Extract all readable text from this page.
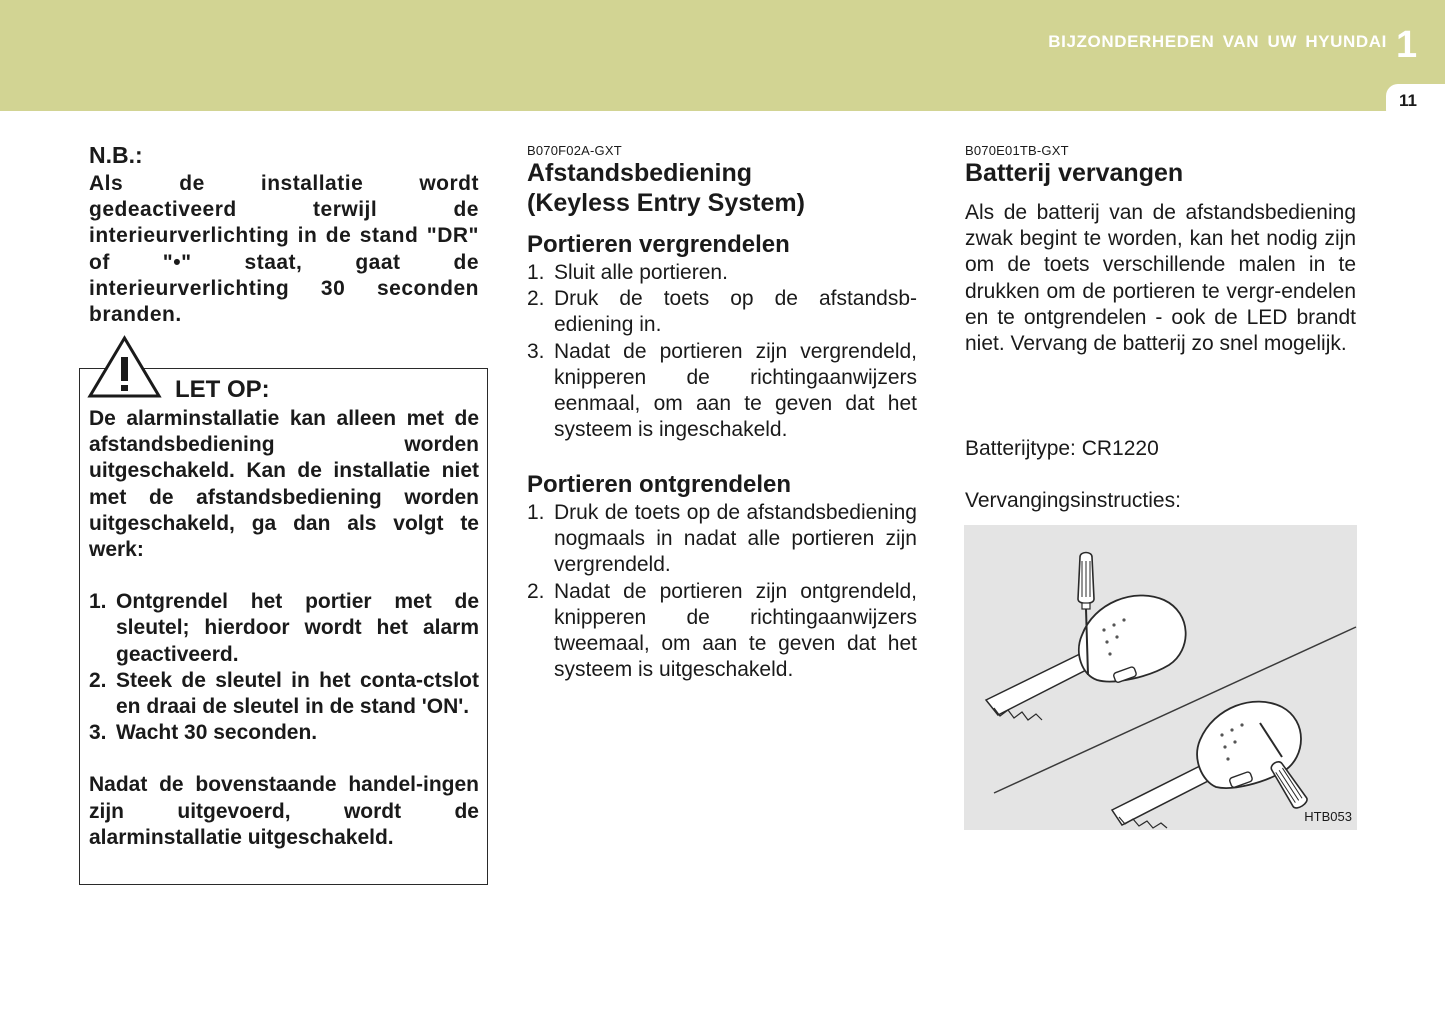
BIJZONDERHEDEN VAN UW HYUNDAI 1
11
N.B.:
Als de installatie wordt gedeactiveerd terwijl de interieurverlichting in de stand "DR" of "•" staat, gaat de interieurverlichting 30 seconden branden.
LET OP:

De alarminstallatie kan alleen met de afstandsbediening worden uitgeschakeld. Kan de installatie niet met de afstandsbediening worden uitgeschakeld, ga dan als volgt te werk:

1. Ontgrendel het portier met de sleutel; hierdoor wordt het alarm geactiveerd.
2. Steek de sleutel in het conta-ctslot en draai de sleutel in de stand 'ON'.
3. Wacht 30 seconden.

Nadat de bovenstaande handel-ingen zijn uitgevoerd, wordt de alarminstallatie uitgeschakeld.

B070F02A-GXT
Afstandsbediening
(Keyless Entry System)
Portieren vergrendelen
1. Sluit alle portieren.
2. Druk de toets op de afstandsb-ediening in.
3. Nadat de portieren zijn vergrendeld, knipperen de richtingaanwijzers eenmaal, om aan te geven dat het systeem is ingeschakeld.
Portieren ontgrendelen
1. Druk de toets op de afstandsbediening nogmaals in nadat alle portieren zijn vergrendeld.
2. Nadat de portieren zijn ontgrendeld, knipperen de richtingaanwijzers tweemaal, om aan te geven dat het systeem is uitgeschakeld.
B070E01TB-GXT
Batterij vervangen
Als de batterij van de afstandsbediening zwak begint te worden, kan het nodig zijn om de toets verschillende malen in te drukken om de portieren te vergr-endelen en te ontgrendelen - ook de LED brandt niet. Vervang de batterij zo snel mogelijk.
Batterijtype: CR1220
Vervangingsinstructies:
HTB053
